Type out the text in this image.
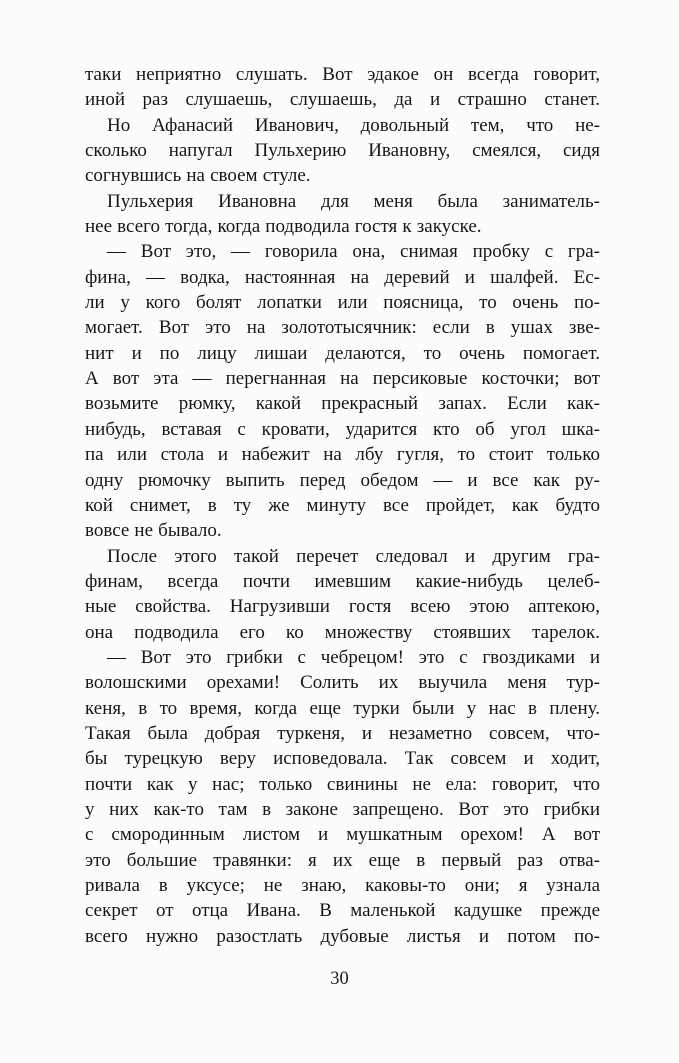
таки неприятно слушать. Вот эдакое он всегда говорит,
иной раз слушаешь, слушаешь, да и страшно станет.
Но Афанасий Иванович, довольный тем, что не-
сколько напугал Пульхерию Ивановну, смеялся, сидя
согнувшись на своем стуле.
Пульхерия Ивановна для меня была заниматель-
нее всего тогда, когда подводила гостя к закуске.
— Вот это, — говорила она, снимая пробку с гра-
фина, — водка, настоянная на деревий и шалфей. Ес-
ли у кого болят лопатки или поясница, то очень по-
могает. Вот это на золототысячник: если в ушах зве-
нит и по лицу лишаи делаются, то очень помогает.
А вот эта — перегнанная на персиковые косточки; вот
возьмите рюмку, какой прекрасный запах. Если как-
нибудь, вставая с кровати, ударится кто об угол шка-
па или стола и набежит на лбу гугля, то стоит только
одну рюмочку выпить перед обедом — и все как ру-
кой снимет, в ту же минуту все пройдет, как будто
вовсе не бывало.
После этого такой перечет следовал и другим гра-
финам, всегда почти имевшим какие-нибудь целеб-
ные свойства. Нагрузивши гостя всею этою аптекою,
она подводила его ко множеству стоявших тарелок.
— Вот это грибки с чебрецом! это с гвоздиками и
волошскими орехами! Солить их выучила меня тур-
кеня, в то время, когда еще турки были у нас в плену.
Такая была добрая туркеня, и незаметно совсем, что-
бы турецкую веру исповедовала. Так совсем и ходит,
почти как у нас; только свинины не ела: говорит, что
у них как-то там в законе запрещено. Вот это грибки
с смородинным листом и мушкатным орехом! А вот
это большие травянки: я их еще в первый раз отва-
ривала в уксусе; не знаю, каковы-то они; я узнала
секрет от отца Ивана. В маленькой кадушке прежде
всего нужно разостлать дубовые листья и потом по-
30
